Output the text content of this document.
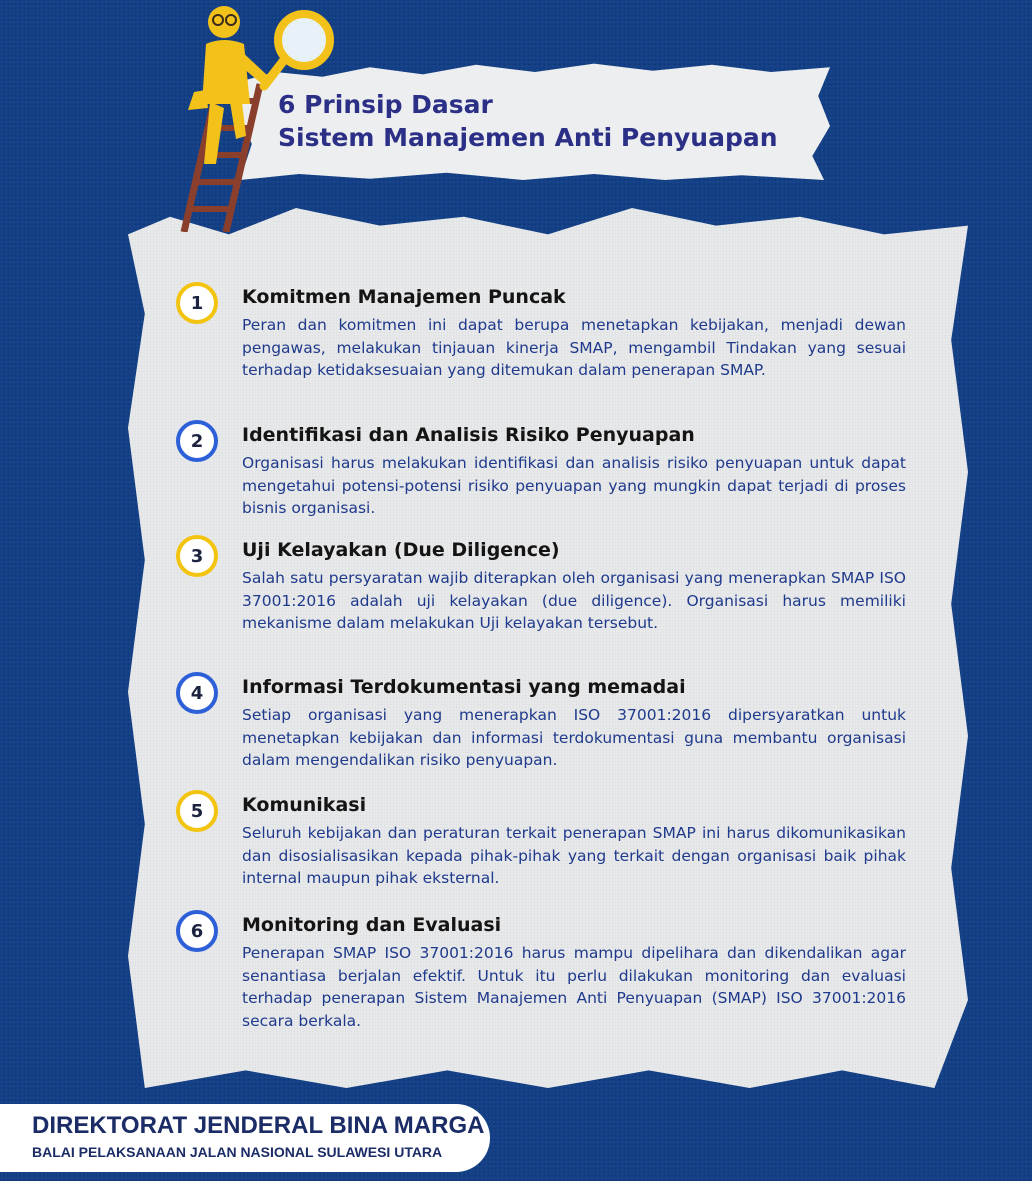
6 Prinsip Dasar
Sistem Manajemen Anti Penyuapan
1	Komitmen Manajemen Puncak
Peran dan komitmen ini dapat berupa menetapkan kebijakan, menjadi dewan pengawas, melakukan tinjauan kinerja SMAP, mengambil Tindakan yang sesuai terhadap ketidaksesuaian yang ditemukan dalam penerapan SMAP.
2	Identifikasi dan Analisis Risiko Penyuapan
Organisasi harus melakukan identifikasi dan analisis risiko penyuapan untuk dapat mengetahui potensi-potensi risiko penyuapan yang mungkin dapat terjadi di proses bisnis organisasi.
3	Uji Kelayakan (Due Diligence)
Salah satu persyaratan wajib diterapkan oleh organisasi yang menerapkan SMAP ISO 37001:2016 adalah uji kelayakan (due diligence). Organisasi harus memiliki mekanisme dalam melakukan Uji kelayakan tersebut.
4	Informasi Terdokumentasi yang memadai
Setiap organisasi yang menerapkan ISO 37001:2016 dipersyaratkan untuk menetapkan kebijakan dan informasi terdokumentasi guna membantu organisasi dalam mengendalikan risiko penyuapan.
5	Komunikasi
Seluruh kebijakan dan peraturan terkait penerapan SMAP ini harus dikomunikasikan dan disosialisasikan kepada pihak-pihak yang terkait dengan organisasi baik pihak internal maupun pihak eksternal.
6	Monitoring dan Evaluasi
Penerapan SMAP ISO 37001:2016 harus mampu dipelihara dan dikendalikan agar senantiasa berjalan efektif. Untuk itu perlu dilakukan monitoring dan evaluasi terhadap penerapan Sistem Manajemen Anti Penyuapan (SMAP) ISO 37001:2016 secara berkala.
DIREKTORAT JENDERAL BINA MARGA
BALAI PELAKSANAAN JALAN NASIONAL SULAWESI UTARA
